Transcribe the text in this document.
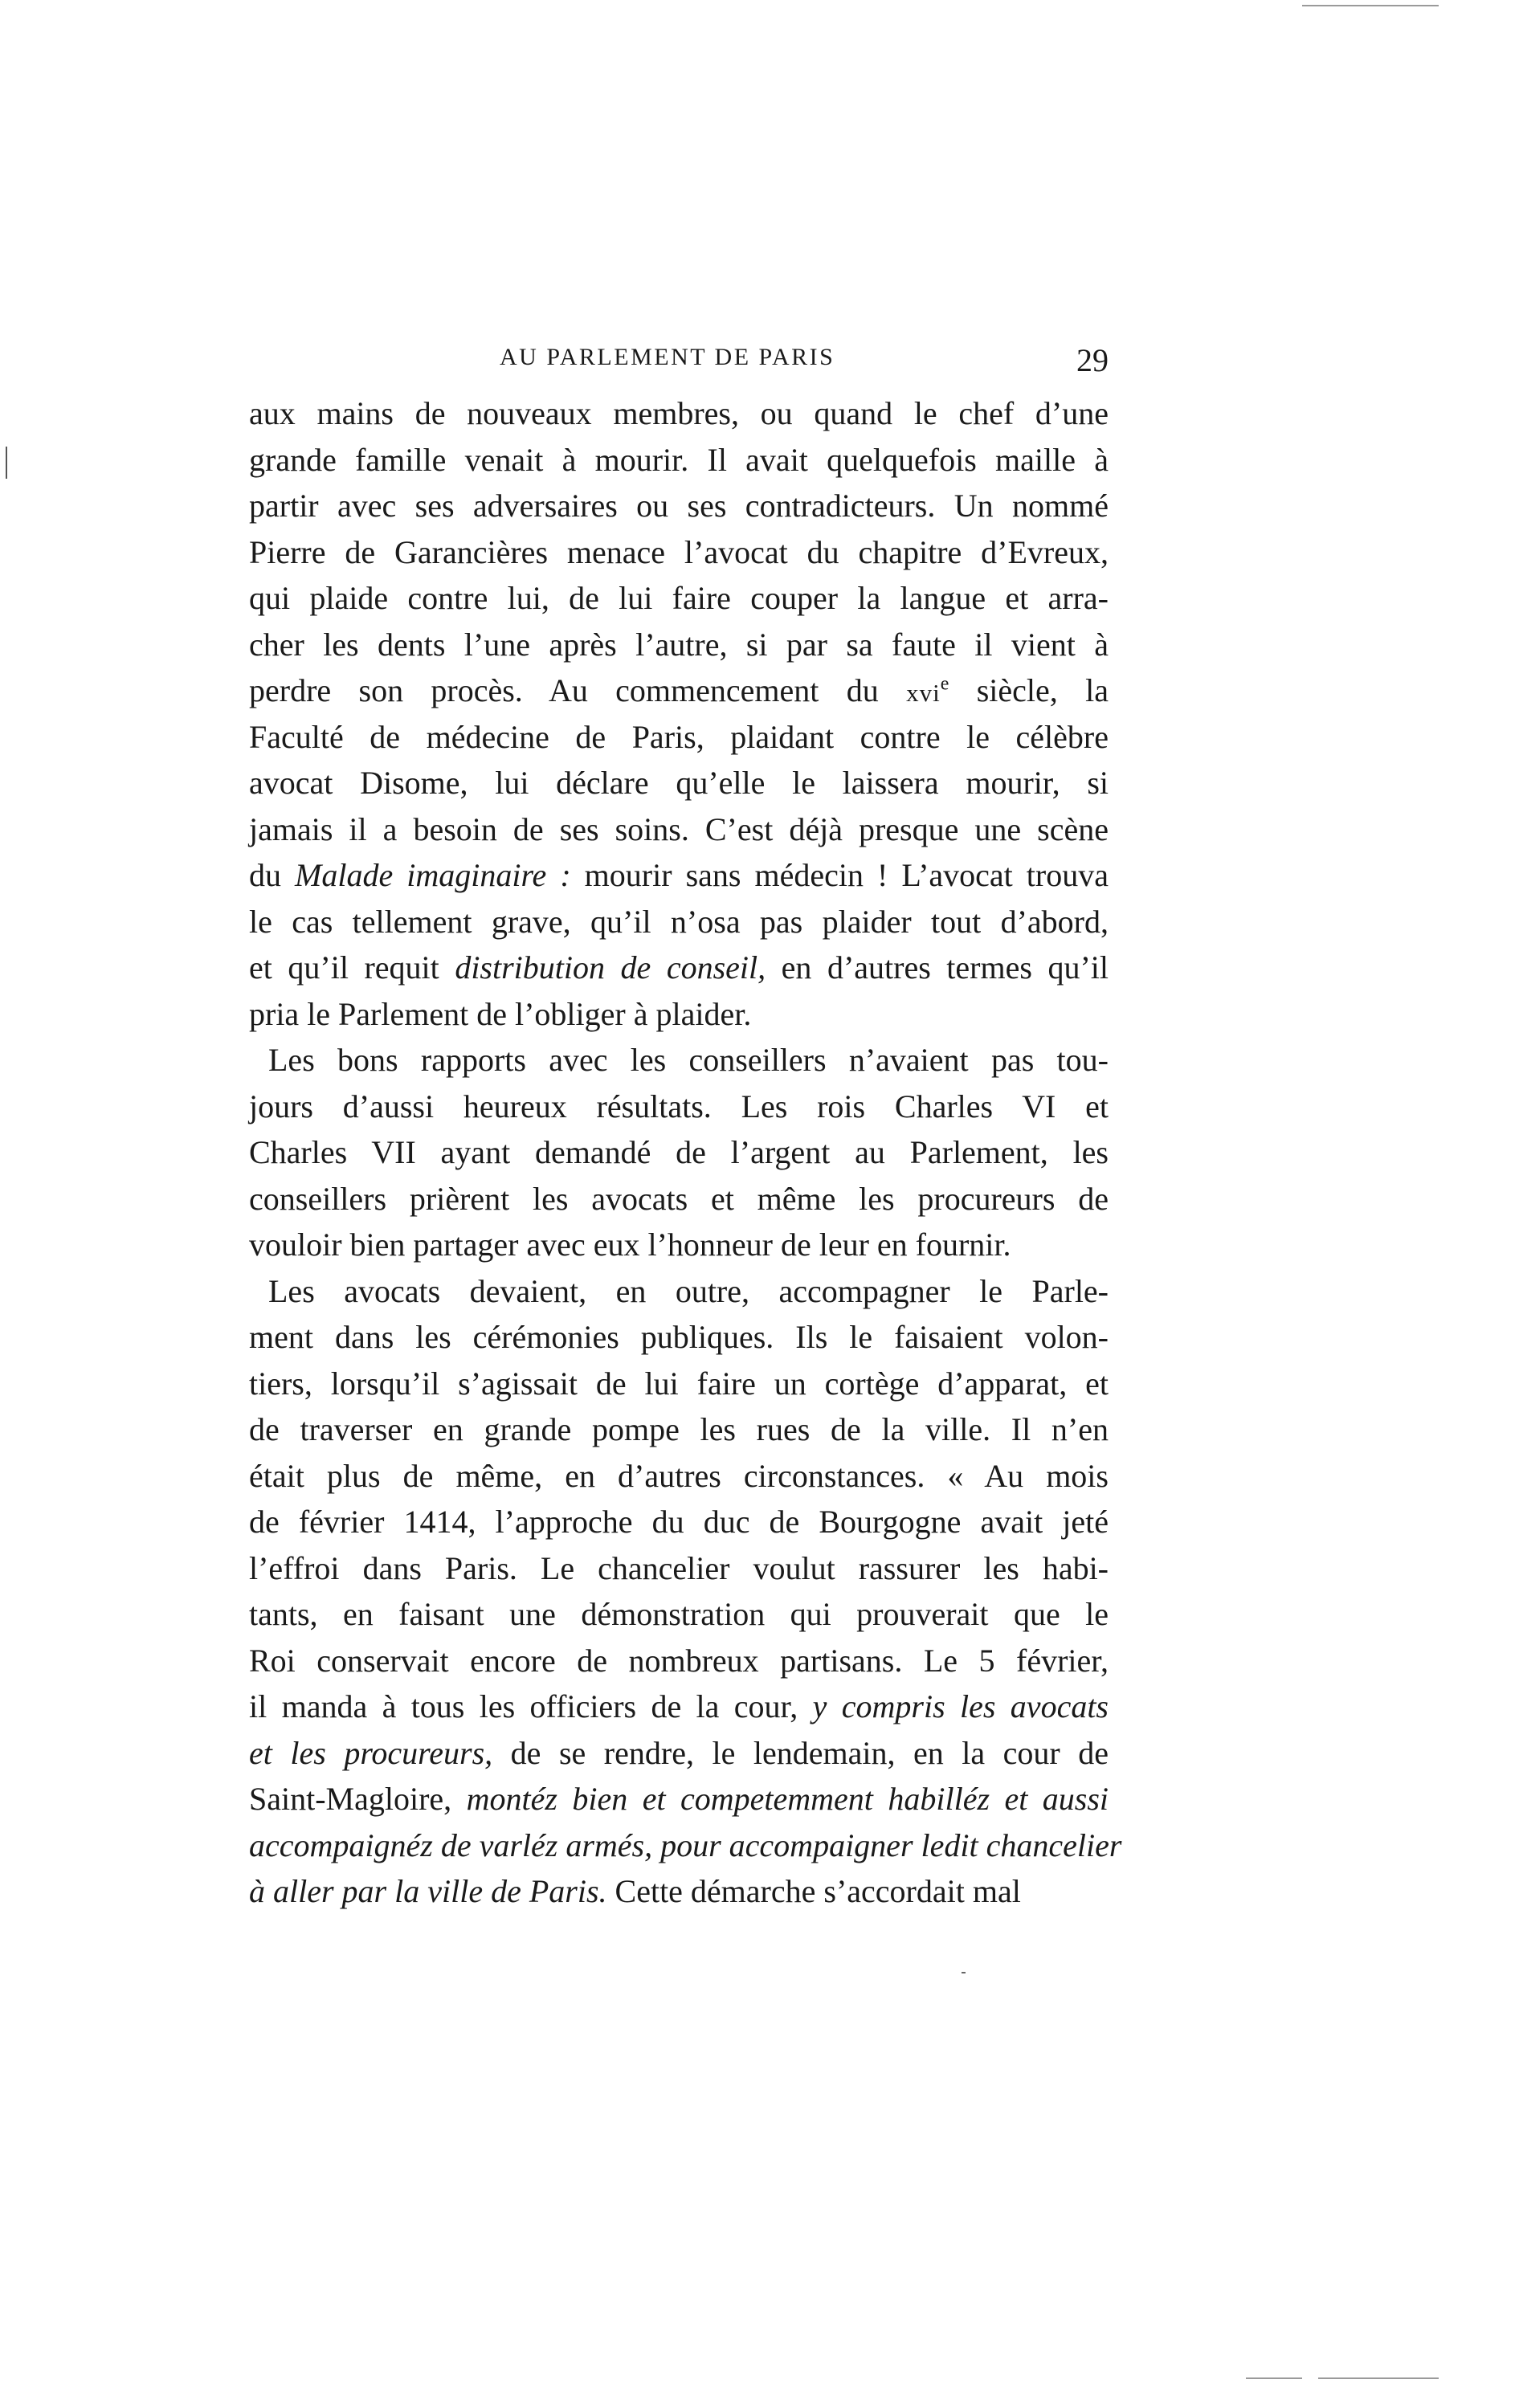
AU PARLEMENT DE PARIS	29
aux mains de nouveaux membres, ou quand le chef d’une
grande famille venait à mourir. Il avait quelquefois maille à
partir avec ses adversaires ou ses contradicteurs. Un nommé
Pierre de Garancières menace l’avocat du chapitre d’Evreux,
qui plaide contre lui, de lui faire couper la langue et arra-
cher les dents l’une après l’autre, si par sa faute il vient à
perdre son procès. Au commencement du xvi$^e$ siècle, la
Faculté de médecine de Paris, plaidant contre le célèbre
avocat Disome, lui déclare qu’elle le laissera mourir, si
jamais il a besoin de ses soins. C’est déjà presque une scène
du Malade imaginaire : mourir sans médecin ! L’avocat trouva
le cas tellement grave, qu’il n’osa pas plaider tout d’abord,
et qu’il requit distribution de conseil, en d’autres termes qu’il
pria le Parlement de l’obliger à plaider.
Les bons rapports avec les conseillers n’avaient pas tou-
jours d’aussi heureux résultats. Les rois Charles VI et
Charles VII ayant demandé de l’argent au Parlement, les
conseillers prièrent les avocats et même les procureurs de
vouloir bien partager avec eux l’honneur de leur en fournir.
Les avocats devaient, en outre, accompagner le Parle-
ment dans les cérémonies publiques. Ils le faisaient volon-
tiers, lorsqu’il s’agissait de lui faire un cortège d’apparat, et
de traverser en grande pompe les rues de la ville. Il n’en
était plus de même, en d’autres circonstances. « Au mois
de février 1414, l’approche du duc de Bourgogne avait jeté
l’effroi dans Paris. Le chancelier voulut rassurer les habi-
tants, en faisant une démonstration qui prouverait que le
Roi conservait encore de nombreux partisans. Le 5 février,
il manda à tous les officiers de la cour, y compris les avocats
et les procureurs, de se rendre, le lendemain, en la cour de
Saint-Magloire, montéz bien et competemment habilléz et aussi
accompaignéz de varléz armés, pour accompaigner ledit chancelier
à aller par la ville de Paris. Cette démarche s’accordait mal
